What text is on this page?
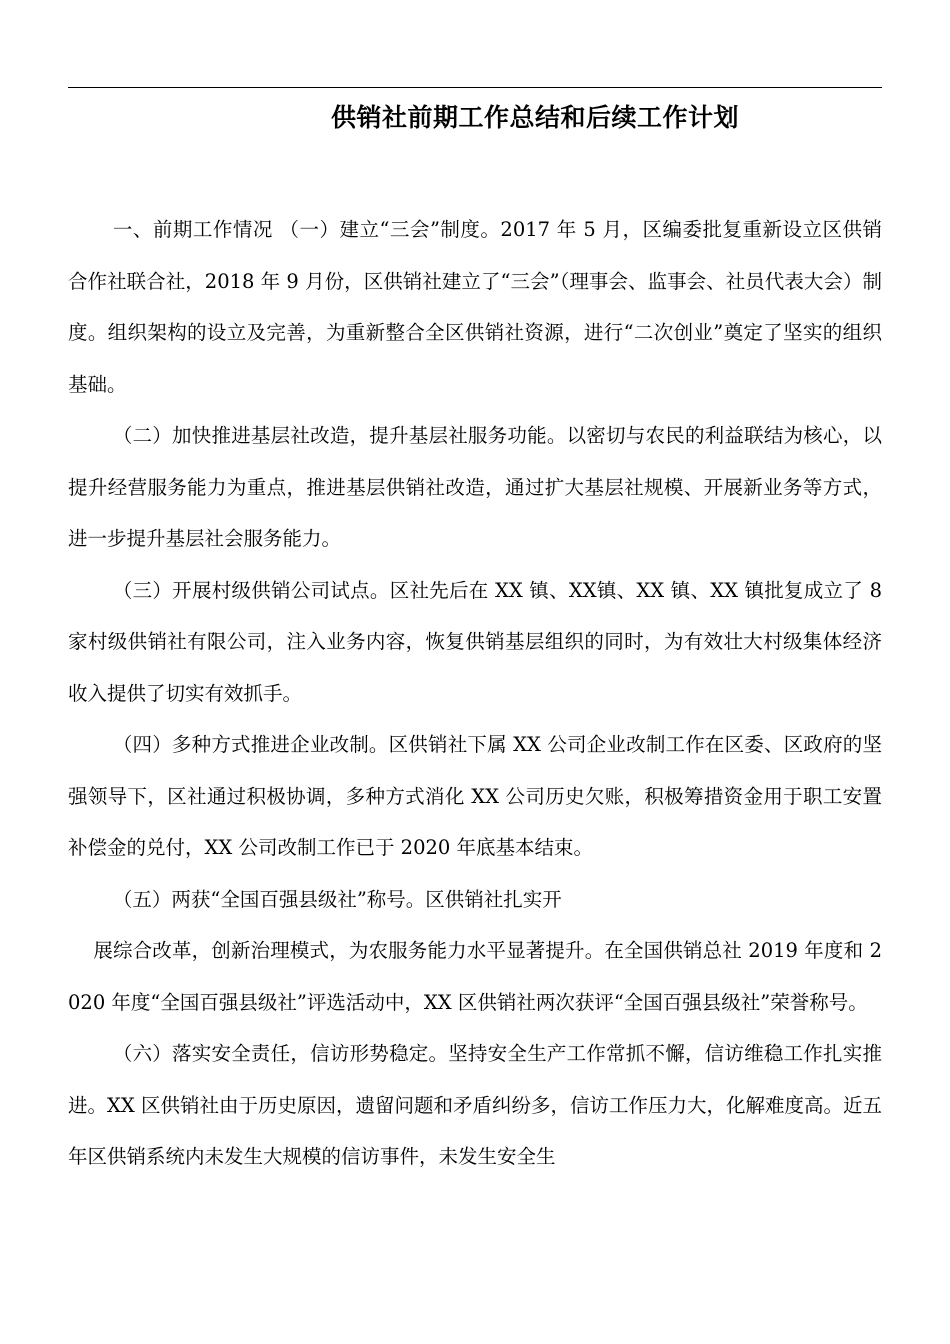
供销社前期工作总结和后续工作计划

一、前期工作情况 （一）建立“三会”制度。2017 年 5 月，区编委批复重新设立区供销合作社联合社，2018 年 9 月份，区供销社建立了“三会”（理事会、监事会、社员代表大会）制度。组织架构的设立及完善，为重新整合全区供销社资源，进行“二次创业”奠定了坚实的组织基础。

（二）加快推进基层社改造，提升基层社服务功能。以密切与农民的利益联结为核心，以提升经营服务能力为重点，推进基层供销社改造，通过扩大基层社规模、开展新业务等方式，进一步提升基层社会服务能力。

（三）开展村级供销公司试点。区社先后在 XX 镇、XX镇、XX 镇、XX 镇批复成立了 8 家村级供销社有限公司，注入业务内容，恢复供销基层组织的同时，为有效壮大村级集体经济收入提供了切实有效抓手。

（四）多种方式推进企业改制。区供销社下属 XX 公司企业改制工作在区委、区政府的坚强领导下，区社通过积极协调，多种方式消化 XX 公司历史欠账，积极筹措资金用于职工安置补偿金的兑付，XX 公司改制工作已于 2020 年底基本结束。

（五）两获“全国百强县级社”称号。区供销社扎实开

展综合改革，创新治理模式，为农服务能力水平显著提升。在全国供销总社 2019 年度和 2020 年度“全国百强县级社”评选活动中，XX 区供销社两次获评“全国百强县级社”荣誉称号。

（六）落实安全责任，信访形势稳定。坚持安全生产工作常抓不懈，信访维稳工作扎实推进。XX 区供销社由于历史原因，遗留问题和矛盾纠纷多，信访工作压力大，化解难度高。近五年区供销系统内未发生大规模的信访事件，未发生安全生
